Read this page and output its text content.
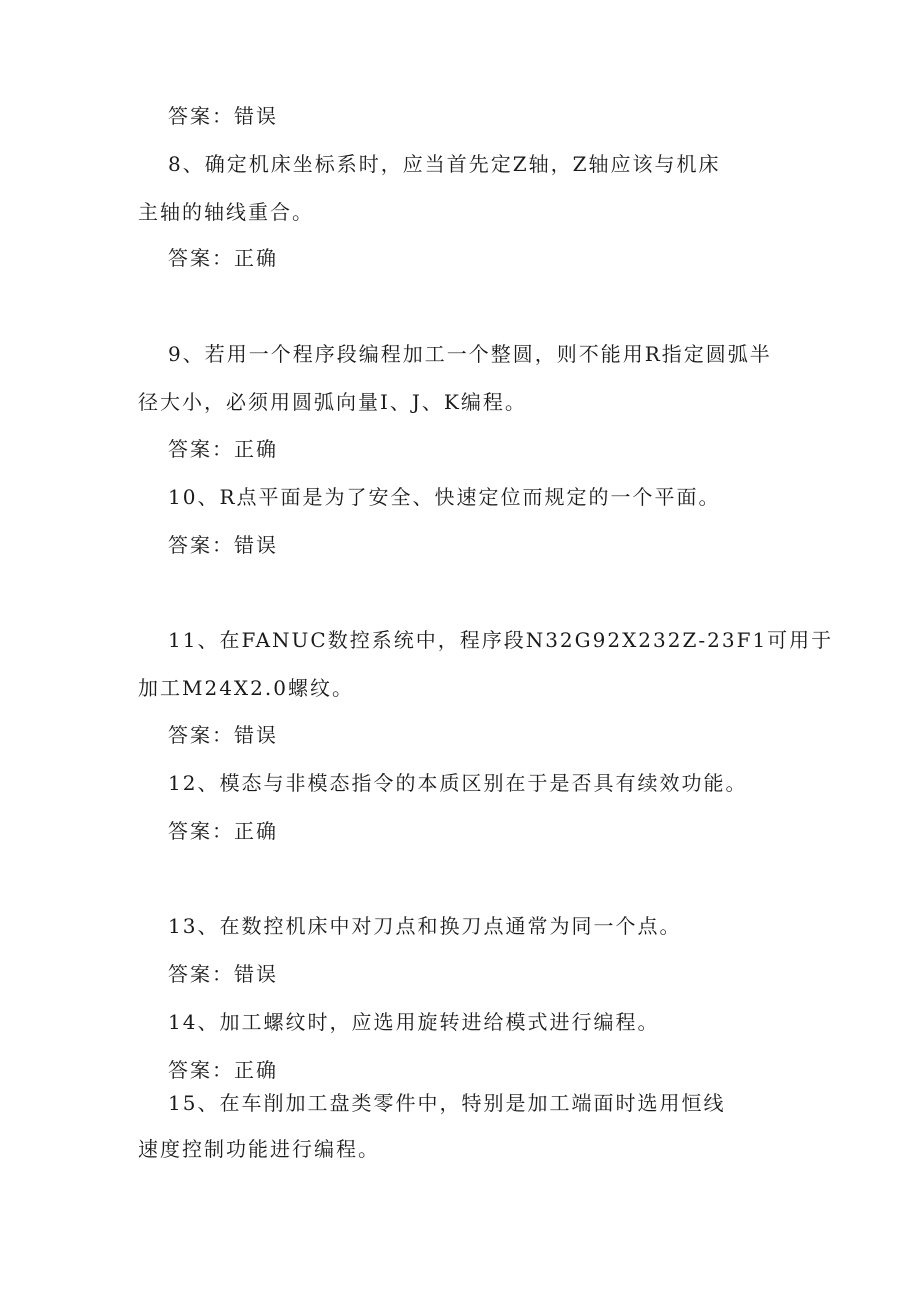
答案：错误
8、确定机床坐标系时，应当首先定Z轴，Z轴应该与机床
主轴的轴线重合。
答案：正确
9、若用一个程序段编程加工一个整圆，则不能用R指定圆弧半
径大小，必须用圆弧向量I、J、K编程。
答案：正确
10、R点平面是为了安全、快速定位而规定的一个平面。
答案：错误
11、在FANUC数控系统中，程序段N32G92X232Z-23F1可用于
加工M24X2.0螺纹。
答案：错误
12、模态与非模态指令的本质区别在于是否具有续效功能。
答案：正确
13、在数控机床中对刀点和换刀点通常为同一个点。
答案：错误
14、加工螺纹时，应选用旋转进给模式进行编程。
答案：正确
15、在车削加工盘类零件中，特别是加工端面时选用恒线
速度控制功能进行编程。
